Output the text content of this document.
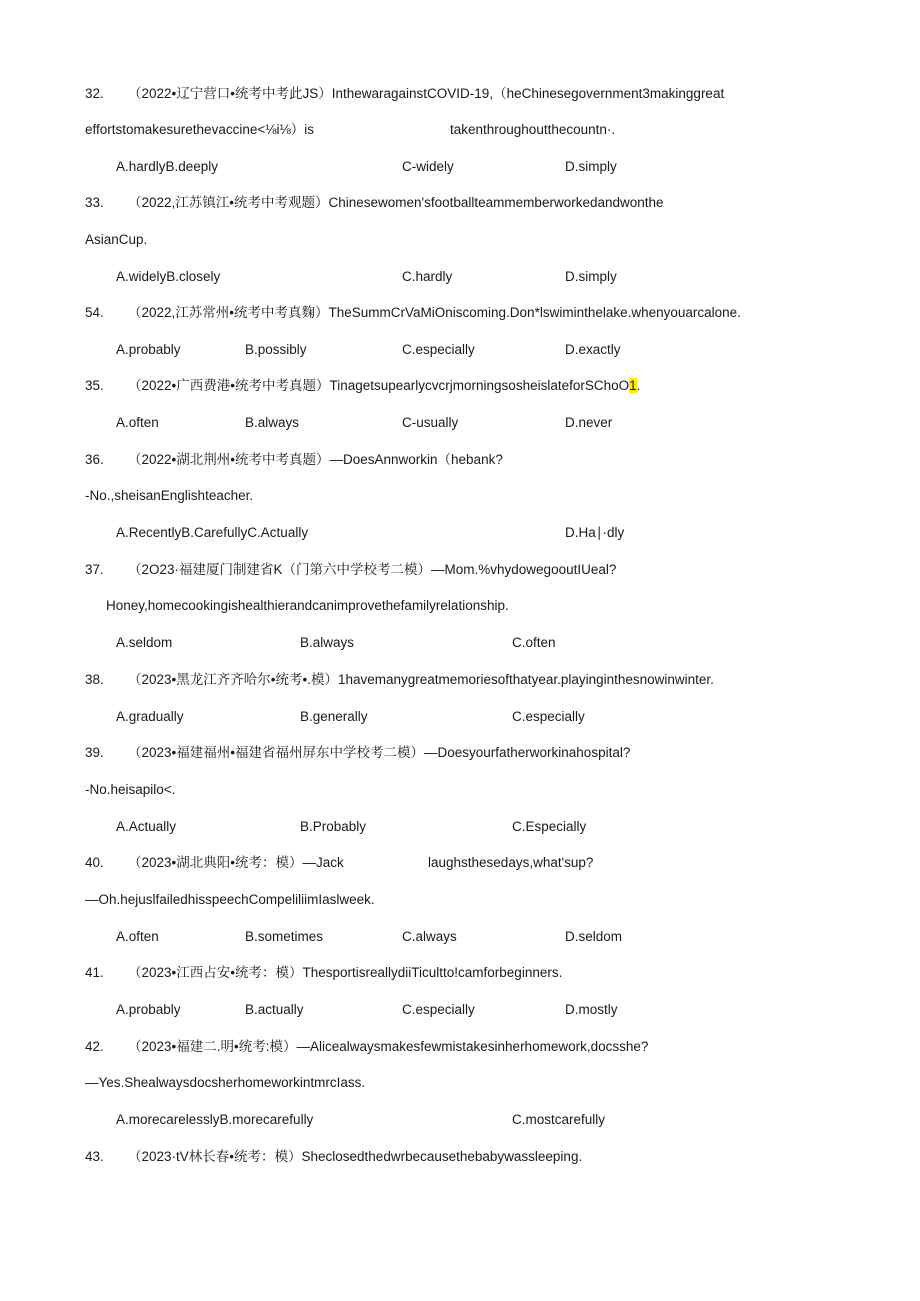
32. （2022•辽宁营口•统考中考此JS）InthewaragainstCOVID-19,（heChinesegovernment3makinggreat
effortstomakesurethevaccine<⅛i⅛）is	takenthroughoutthecountn·.
A.hardlyB.deeply	C-widely	D.simply
33. （2022,江苏镇江•统考中考观题）Chinesewomen'sfootballteammemberworkedandwonthe
AsianCup.
A.widelyB.closely	C.hardly	D.simply
54. （2022,江苏常州•统考中考真麴）TheSummCrVaMiOniscoming.Don*lswiminthelake.whenyouarcalone.
A.probably	B.possibly	C.especially	D.exactly
35. （2022•广西费港•统考中考真题）TinagetsupearlycvcrjmorningsosheislateforSChoO1.
A.often	B.always	C-usually	D.never
36. （2022•湖北荆州•统考中考真题）—DoesAnnworkin（hebank?
-No.,sheisanEnglishteacher.
A.RecentlyB.CarefullyC.Actually	D.Ha∣·dly
37. （2O23·福建厦门制建省K（门第六中学校考二模）—Mom.%vhydowegooutIUeal?
Honey,homecookingishealthierandcanimprovethefamilyrelationship.
A.seldom	B.always	C.often
38. （2023•黑龙江齐齐哈尔•统考•.模）1havemanygreatmemoriesofthatyear.playinginthesnowinwinter.
A.gradually	B.generally	C.especially
39. （2023•福建福州•福建省福州屏东中学校考二模）—Doesyourfatherworkinahospital?
-No.heisapilo<.
A.Actually	B.Probably	C.Especially
40. （2023•湖北典阳•统考：模）—Jack	laughsthesedays,what'sup?
—Oh.hejuslfailedhisspeechCompeliliimIaslweek.
A.often	B.sometimes	C.always	D.seldom
41. （2023•江西占安•统考：模）ThesportisreallydiiTicultto!camforbeginners.
A.probably	B.actually	C.especially	D.mostly
42. （2023•福建二.明•统考:模）—Alicealwaysmakesfewmistakesinherhomework,docsshe?
—Yes.ShealwaysdocsherhomeworkintmrcIass.
A.morecarelesslyB.morecarefully	C.mostcarefully
43. （2023·tV林长春•统考：模）Sheclosedthedwrbecausethebabywassleeping.
